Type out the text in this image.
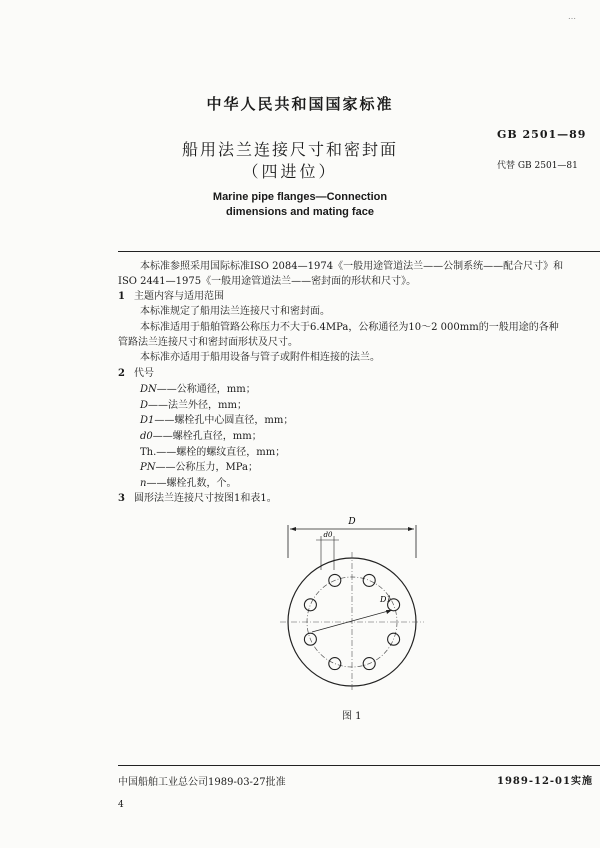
…
中华人民共和国国家标准
GB 2501—89
船用法兰连接尺寸和密封面
代替 GB 2501—81
（四进位）
Marine pipe flanges—Connection
dimensions and mating face
本标准参照采用国际标准ISO 2084—1974《一般用途管道法兰——公制系统——配合尺寸》和
ISO 2441—1975《一般用途管道法兰——密封面的形状和尺寸》。
1 主题内容与适用范围
本标准规定了船用法兰连接尺寸和密封面。
本标准适用于船舶管路公称压力不大于6.4MPa，公称通径为10～2 000mm的一般用途的各种
管路法兰连接尺寸和密封面形状及尺寸。
本标准亦适用于船用设备与管子或附件相连接的法兰。
2 代号
DN——公称通径，mm；
D——法兰外径，mm；
D1——螺栓孔中心圆直径，mm；
d0——螺栓孔直径，mm；
Th.——螺栓的螺纹直径，mm；
PN——公称压力，MPa；
n——螺栓孔数，个。
3 圆形法兰连接尺寸按图1和表1。
D
D1
d0
图 1
中国船舶工业总公司1989-03-27批准	1989-12-01实施
4
